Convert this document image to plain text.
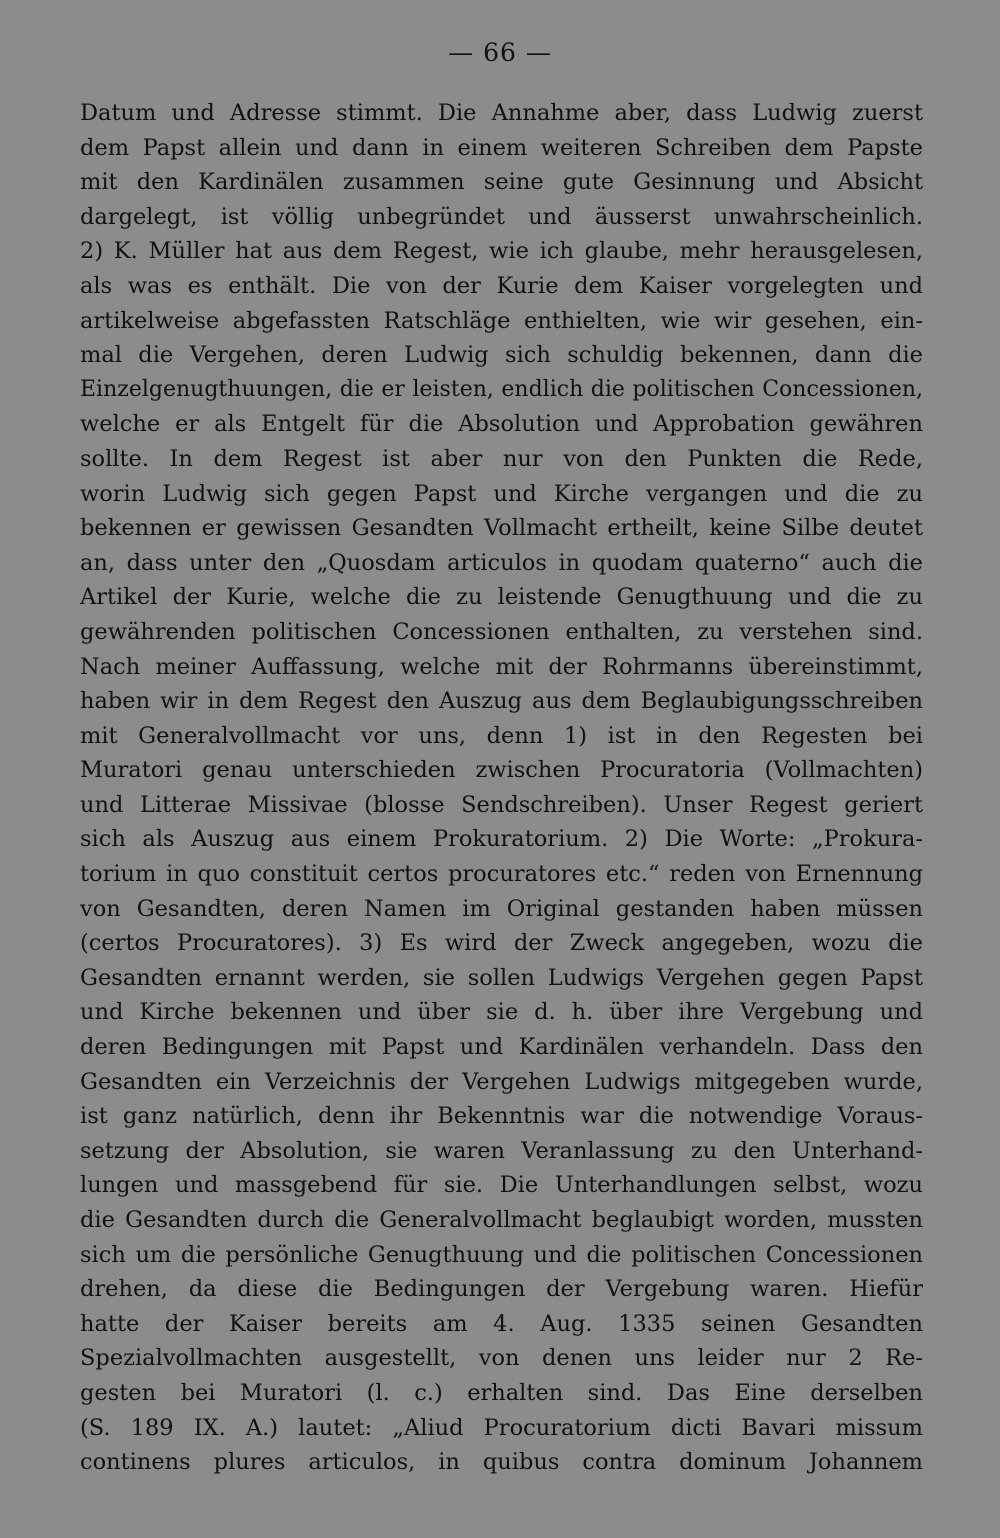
— 66 —
Datum und Adresse stimmt. Die Annahme aber, dass Ludwig zuerst
dem Papst allein und dann in einem weiteren Schreiben dem Papste
mit den Kardinälen zusammen seine gute Gesinnung und Absicht
dargelegt, ist völlig unbegründet und äusserst unwahrscheinlich.
2) K. Müller hat aus dem Regest, wie ich glaube, mehr herausgelesen,
als was es enthält. Die von der Kurie dem Kaiser vorgelegten und
artikelweise abgefassten Ratschläge enthielten, wie wir gesehen, ein-
mal die Vergehen, deren Ludwig sich schuldig bekennen, dann die
Einzelgenugthuungen, die er leisten, endlich die politischen Concessionen,
welche er als Entgelt für die Absolution und Approbation gewähren
sollte. In dem Regest ist aber nur von den Punkten die Rede,
worin Ludwig sich gegen Papst und Kirche vergangen und die zu
bekennen er gewissen Gesandten Vollmacht ertheilt, keine Silbe deutet
an, dass unter den „Quosdam articulos in quodam quaterno“ auch die
Artikel der Kurie, welche die zu leistende Genugthuung und die zu
gewährenden politischen Concessionen enthalten, zu verstehen sind.
Nach meiner Auffassung, welche mit der Rohrmanns übereinstimmt,
haben wir in dem Regest den Auszug aus dem Beglaubigungsschreiben
mit Generalvollmacht vor uns, denn 1) ist in den Regesten bei
Muratori genau unterschieden zwischen Procuratoria (Vollmachten)
und Litterae Missivae (blosse Sendschreiben). Unser Regest geriert
sich als Auszug aus einem Prokuratorium. 2) Die Worte: „Prokura-
torium in quo constituit certos procuratores etc.“ reden von Ernennung
von Gesandten, deren Namen im Original gestanden haben müssen
(certos Procuratores). 3) Es wird der Zweck angegeben, wozu die
Gesandten ernannt werden, sie sollen Ludwigs Vergehen gegen Papst
und Kirche bekennen und über sie d. h. über ihre Vergebung und
deren Bedingungen mit Papst und Kardinälen verhandeln. Dass den
Gesandten ein Verzeichnis der Vergehen Ludwigs mitgegeben wurde,
ist ganz natürlich, denn ihr Bekenntnis war die notwendige Voraus-
setzung der Absolution, sie waren Veranlassung zu den Unterhand-
lungen und massgebend für sie. Die Unterhandlungen selbst, wozu
die Gesandten durch die Generalvollmacht beglaubigt worden, mussten
sich um die persönliche Genugthuung und die politischen Concessionen
drehen, da diese die Bedingungen der Vergebung waren. Hiefür
hatte der Kaiser bereits am 4. Aug. 1335 seinen Gesandten
Spezialvollmachten ausgestellt, von denen uns leider nur 2 Re-
gesten bei Muratori (l. c.) erhalten sind. Das Eine derselben
(S. 189 IX. A.) lautet: „Aliud Procuratorium dicti Bavari missum
continens plures articulos, in quibus contra dominum Johannem
